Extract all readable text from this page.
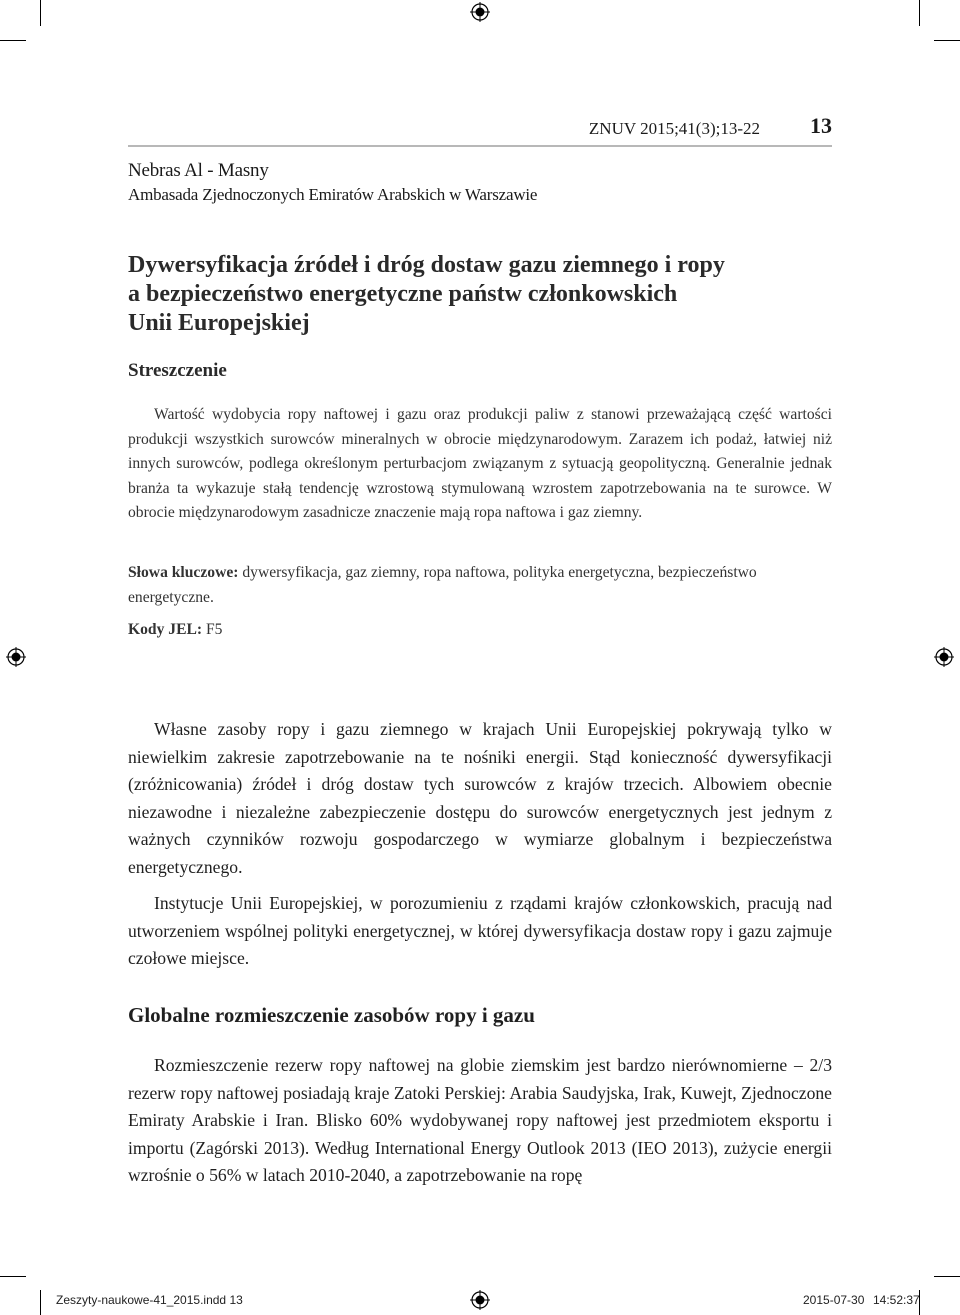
ZNUV 2015;41(3);13-22 13
Nebras Al - Masny
Ambasada Zjednoczonych Emiratów Arabskich w Warszawie
Dywersyfikacja źródeł i dróg dostaw gazu ziemnego i ropy
a bezpieczeństwo energetyczne państw członkowskich
Unii Europejskiej
Streszczenie
Wartość wydobycia ropy naftowej i gazu oraz produkcji paliw z stanowi przeważającą część wartości produkcji wszystkich surowców mineralnych w obrocie międzynarodowym. Zarazem ich podaż, łatwiej niż innych surowców, podlega określonym perturbacjom związanym z sytuacją geopolityczną. Generalnie jednak branża ta wykazuje stałą tendencję wzrostową stymulowaną wzrostem zapotrzebowania na te surowce. W obrocie międzynarodowym zasadnicze znaczenie mają ropa naftowa i gaz ziemny.
Słowa kluczowe: dywersyfikacja, gaz ziemny, ropa naftowa, polityka energetyczna, bezpieczeństwo energetyczne.
Kody JEL: F5

Własne zasoby ropy i gazu ziemnego w krajach Unii Europejskiej pokrywają tylko w niewielkim zakresie zapotrzebowanie na te nośniki energii. Stąd konieczność dywersyfikacji (zróżnicowania) źródeł i dróg dostaw tych surowców z krajów trzecich. Albowiem obecnie niezawodne i niezależne zabezpieczenie dostępu do surowców energetycznych jest jednym z ważnych czynników rozwoju gospodarczego w wymiarze globalnym i bezpieczeństwa energetycznego.

Instytucje Unii Europejskiej, w porozumieniu z rządami krajów członkowskich, pracują nad utworzeniem wspólnej polityki energetycznej, w której dywersyfikacja dostaw ropy i gazu zajmuje czołowe miejsce.

Globalne rozmieszczenie zasobów ropy i gazu

Rozmieszczenie rezerw ropy naftowej na globie ziemskim jest bardzo nierównomierne – 2/3 rezerw ropy naftowej posiadają kraje Zatoki Perskiej: Arabia Saudyjska, Irak, Kuwejt, Zjednoczone Emiraty Arabskie i Iran. Blisko 60% wydobywanej ropy naftowej jest przedmiotem eksportu i importu (Zagórski 2013). Według International Energy Outlook 2013 (IEO 2013), zużycie energii wzrośnie o 56% w latach 2010-2040, a zapotrzebowanie na ropę

Zeszyty-naukowe-41_2015.indd 13	2015-07-30 14:52:37
